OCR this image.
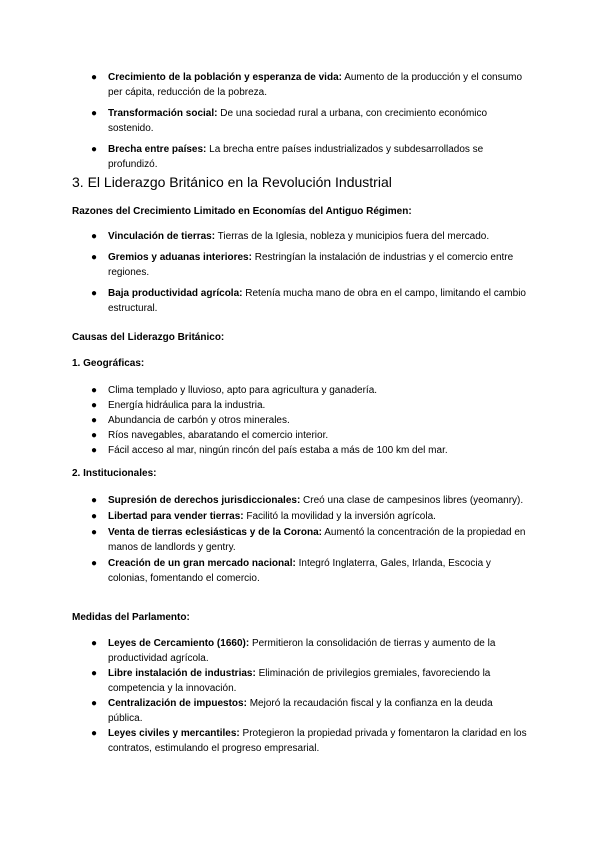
● Crecimiento de la población y esperanza de vida: Aumento de la producción y el consumo per cápita, reducción de la pobreza.
● Transformación social: De una sociedad rural a urbana, con crecimiento económico sostenido.
● Brecha entre países: La brecha entre países industrializados y subdesarrollados se profundizó.
3. El Liderazgo Británico en la Revolución Industrial
Razones del Crecimiento Limitado en Economías del Antiguo Régimen:
● Vinculación de tierras: Tierras de la Iglesia, nobleza y municipios fuera del mercado.
● Gremios y aduanas interiores: Restringían la instalación de industrias y el comercio entre regiones.
● Baja productividad agrícola: Retenía mucha mano de obra en el campo, limitando el cambio estructural.
Causas del Liderazgo Británico:
1. Geográficas:
● Clima templado y lluvioso, apto para agricultura y ganadería.
● Energía hidráulica para la industria.
● Abundancia de carbón y otros minerales.
● Ríos navegables, abaratando el comercio interior.
● Fácil acceso al mar, ningún rincón del país estaba a más de 100 km del mar.
2. Institucionales:
● Supresión de derechos jurisdiccionales: Creó una clase de campesinos libres (yeomanry).
● Libertad para vender tierras: Facilitó la movilidad y la inversión agrícola.
● Venta de tierras eclesiásticas y de la Corona: Aumentó la concentración de la propiedad en manos de landlords y gentry.
● Creación de un gran mercado nacional: Integró Inglaterra, Gales, Irlanda, Escocia y colonias, fomentando el comercio.
Medidas del Parlamento:
● Leyes de Cercamiento (1660): Permitieron la consolidación de tierras y aumento de la productividad agrícola.
● Libre instalación de industrias: Eliminación de privilegios gremiales, favoreciendo la competencia y la innovación.
● Centralización de impuestos: Mejoró la recaudación fiscal y la confianza en la deuda pública.
● Leyes civiles y mercantiles: Protegieron la propiedad privada y fomentaron la claridad en los contratos, estimulando el progreso empresarial.
